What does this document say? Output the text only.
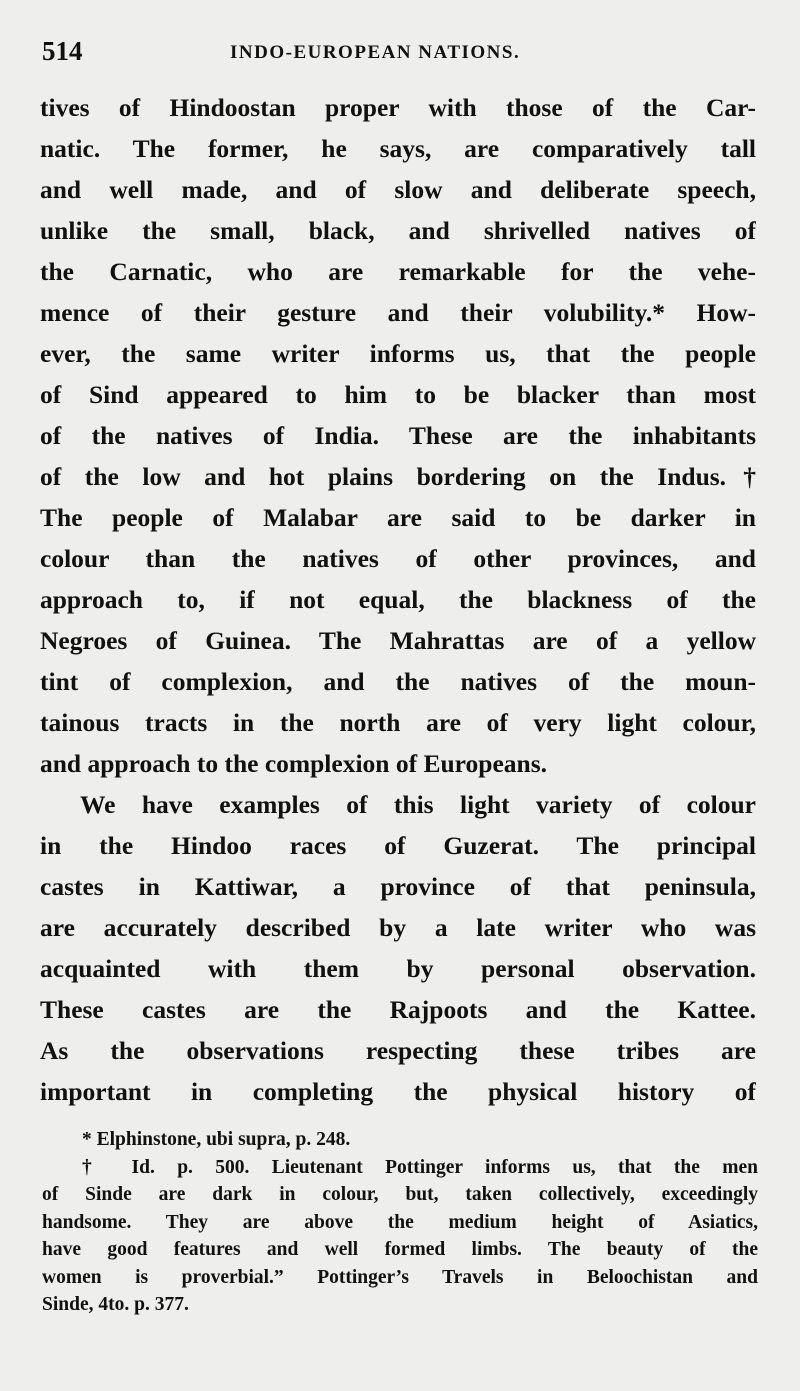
514	INDO-EUROPEAN NATIONS.
tives of Hindoostan proper with those of the Car-
natic. The former, he says, are comparatively tall
and well made, and of slow and deliberate speech,
unlike the small, black, and shrivelled natives of
the Carnatic, who are remarkable for the vehe-
mence of their gesture and their volubility.* How-
ever, the same writer informs us, that the people
of Sind appeared to him to be blacker than most
of the natives of India. These are the inhabitants
of the low and hot plains bordering on the Indus.†
The people of Malabar are said to be darker in
colour than the natives of other provinces, and
approach to, if not equal, the blackness of the
Negroes of Guinea. The Mahrattas are of a yellow
tint of complexion, and the natives of the moun-
tainous tracts in the north are of very light colour,
and approach to the complexion of Europeans.
We have examples of this light variety of colour
in the Hindoo races of Guzerat. The principal
castes in Kattiwar, a province of that peninsula,
are accurately described by a late writer who was
acquainted with them by personal observation.
These castes are the Rajpoots and the Kattee.
As the observations respecting these tribes are
important in completing the physical history of
* Elphinstone, ubi supra, p. 248.
† Id. p. 500. Lieutenant Pottinger informs us, that the men
of Sinde are dark in colour, but, taken collectively, exceedingly
handsome. They are above the medium height of Asiatics,
have good features and well formed limbs. The beauty of the
women is proverbial.” Pottinger’s Travels in Beloochistan and
Sinde, 4to. p. 377.
